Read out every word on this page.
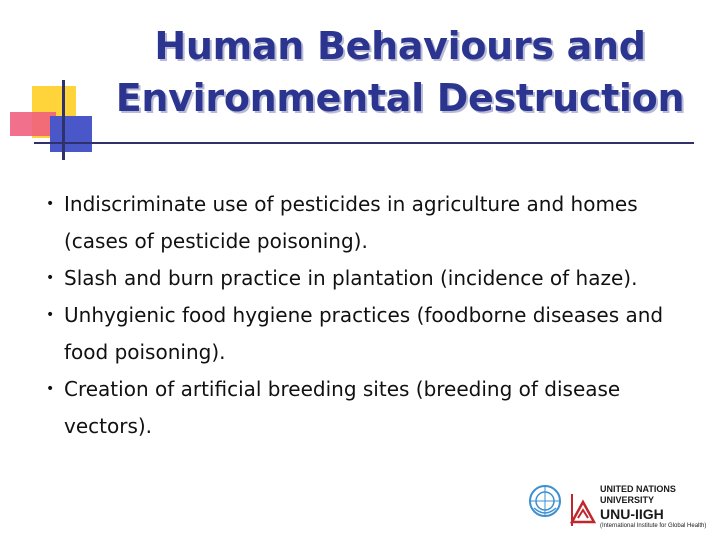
Human Behaviours and
Environmental Destruction
• Indiscriminate use of pesticides in agriculture and homes (cases of pesticide poisoning).
• Slash and burn practice in plantation (incidence of haze).
• Unhygienic food hygiene practices (foodborne diseases and food poisoning).
• Creation of artificial breeding sites (breeding of disease vectors).
UNITED NATIONS
UNIVERSITY
UNU-IIGH
(International Institute for Global Health)
